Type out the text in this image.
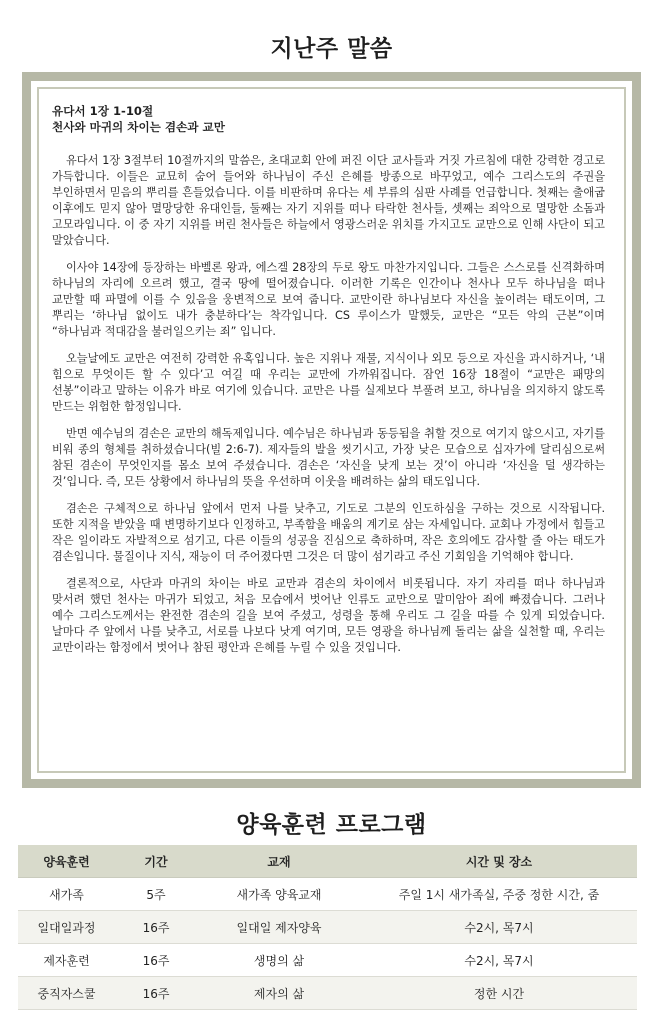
지난주 말씀

유다서 1장 1-10절

천사와 마귀의 차이는 겸손과 교만

유다서 1장 3절부터 10절까지의 말씀은, 초대교회 안에 퍼진 이단 교사들과 거짓 가르침에 대한 강력한 경고로 가득합니다. 이들은 교묘히 숨어 들어와 하나님이 주신 은혜를 방종으로 바꾸었고, 예수 그리스도의 주권을 부인하면서 믿음의 뿌리를 흔들었습니다. 이를 비판하며 유다는 세 부류의 심판 사례를 언급합니다. 첫째는 출애굽 이후에도 믿지 않아 멸망당한 유대인들, 둘째는 자기 지위를 떠나 타락한 천사들, 셋째는 죄악으로 멸망한 소돔과 고모라입니다. 이 중 자기 지위를 버린 천사들은 하늘에서 영광스러운 위치를 가지고도 교만으로 인해 사단이 되고 말았습니다.

이사야 14장에 등장하는 바벨론 왕과, 에스겔 28장의 두로 왕도 마찬가지입니다. 그들은 스스로를 신격화하며 하나님의 자리에 오르려 했고, 결국 땅에 떨어졌습니다. 이러한 기록은 인간이나 천사나 모두 하나님을 떠나 교만할 때 파멸에 이를 수 있음을 웅변적으로 보여 줍니다. 교만이란 하나님보다 자신을 높이려는 태도이며, 그 뿌리는 ‘하나님 없이도 내가 충분하다’는 착각입니다. CS 루이스가 말했듯, 교만은 “모든 악의 근본”이며 “하나님과 적대감을 불러일으키는 죄” 입니다.

오늘날에도 교만은 여전히 강력한 유혹입니다. 높은 지위나 재물, 지식이나 외모 등으로 자신을 과시하거나, ‘내 힘으로 무엇이든 할 수 있다’고 여길 때 우리는 교만에 가까워집니다. 잠언 16장 18절이 “교만은 패망의 선봉”이라고 말하는 이유가 바로 여기에 있습니다. 교만은 나를 실제보다 부풀려 보고, 하나님을 의지하지 않도록 만드는 위험한 함정입니다.

반면 예수님의 겸손은 교만의 해독제입니다. 예수님은 하나님과 동등됨을 취할 것으로 여기지 않으시고, 자기를 비워 종의 형체를 취하셨습니다(빌 2:6-7). 제자들의 발을 씻기시고, 가장 낮은 모습으로 십자가에 달리심으로써 참된 겸손이 무엇인지를 몸소 보여 주셨습니다. 겸손은 ‘자신을 낮게 보는 것’이 아니라 ‘자신을 덜 생각하는 것’입니다. 즉, 모든 상황에서 하나님의 뜻을 우선하며 이웃을 배려하는 삶의 태도입니다.

겸손은 구체적으로 하나님 앞에서 먼저 나를 낮추고, 기도로 그분의 인도하심을 구하는 것으로 시작됩니다. 또한 지적을 받았을 때 변명하기보다 인정하고, 부족함을 배움의 계기로 삼는 자세입니다. 교회나 가정에서 힘들고 작은 일이라도 자발적으로 섬기고, 다른 이들의 성공을 진심으로 축하하며, 작은 호의에도 감사할 줄 아는 태도가 겸손입니다. 물질이나 지식, 재능이 더 주어졌다면 그것은 더 많이 섬기라고 주신 기회임을 기억해야 합니다.

결론적으로, 사단과 마귀의 차이는 바로 교만과 겸손의 차이에서 비롯됩니다. 자기 자리를 떠나 하나님과 맞서려 했던 천사는 마귀가 되었고, 처음 모습에서 벗어난 인류도 교만으로 말미암아 죄에 빠졌습니다. 그러나 예수 그리스도께서는 완전한 겸손의 길을 보여 주셨고, 성령을 통해 우리도 그 길을 따를 수 있게 되었습니다. 날마다 주 앞에서 나를 낮추고, 서로를 나보다 낫게 여기며, 모든 영광을 하나님께 돌리는 삶을 실천할 때, 우리는 교만이라는 함정에서 벗어나 참된 평안과 은혜를 누릴 수 있을 것입니다.

양육훈련 프로그램
양육훈련	기간	교재	시간 및 장소
새가족	5주	새가족 양육교재	주일 1시 새가족실, 주중 정한 시간, 줌
일대일과정	16주	일대일 제자양육	수2시, 목7시
제자훈련	16주	생명의 삶	수2시, 목7시
중직자스쿨	16주	제자의 삶	정한 시간
